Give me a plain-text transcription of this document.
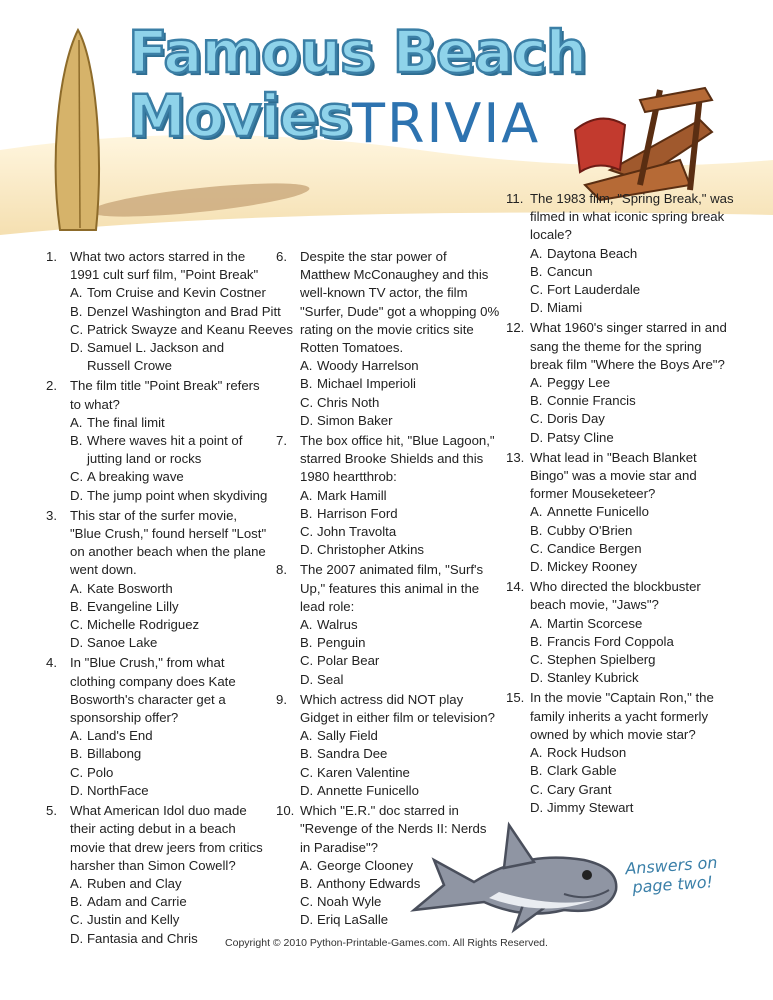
Famous Beach
Movies TRIVIA
1. What two actors starred in the 1991 cult surf film, "Point Break"
A. Tom Cruise and Kevin Costner
B. Denzel Washington and Brad Pitt
C. Patrick Swayze and Keanu Reeves
D. Samuel L. Jackson and Russell Crowe
2. The film title "Point Break" refers to what?
A. The final limit
B. Where waves hit a point of jutting land or rocks
C. A breaking wave
D. The jump point when skydiving
3. This star of the surfer movie, "Blue Crush," found herself "Lost" on another beach when the plane went down.
A. Kate Bosworth
B. Evangeline Lilly
C. Michelle Rodriguez
D. Sanoe Lake
4. In "Blue Crush," from what clothing company does Kate Bosworth's character get a sponsorship offer?
A. Land's End
B. Billabong
C. Polo
D. NorthFace
5. What American Idol duo made their acting debut in a beach movie that drew jeers from critics harsher than Simon Cowell?
A. Ruben and Clay
B. Adam and Carrie
C. Justin and Kelly
D. Fantasia and Chris
6. Despite the star power of Matthew McConaughey and this well-known TV actor, the film "Surfer, Dude" got a whopping 0% rating on the movie critics site Rotten Tomatoes.
A. Woody Harrelson
B. Michael Imperioli
C. Chris Noth
D. Simon Baker
7. The box office hit, "Blue Lagoon," starred Brooke Shields and this 1980 heartthrob:
A. Mark Hamill
B. Harrison Ford
C. John Travolta
D. Christopher Atkins
8. The 2007 animated film, "Surf's Up," features this animal in the lead role:
A. Walrus
B. Penguin
C. Polar Bear
D. Seal
9. Which actress did NOT play Gidget in either film or television?
A. Sally Field
B. Sandra Dee
C. Karen Valentine
D. Annette Funicello
10. Which "E.R." doc starred in "Revenge of the Nerds II: Nerds in Paradise"?
A. George Clooney
B. Anthony Edwards
C. Noah Wyle
D. Eriq LaSalle
11. The 1983 film, "Spring Break," was filmed in what iconic spring break locale?
A. Daytona Beach
B. Cancun
C. Fort Lauderdale
D. Miami
12. What 1960's singer starred in and sang the theme for the spring break film "Where the Boys Are"?
A. Peggy Lee
B. Connie Francis
C. Doris Day
D. Patsy Cline
13. What lead in "Beach Blanket Bingo" was a movie star and former Mouseketeer?
A. Annette Funicello
B. Cubby O'Brien
C. Candice Bergen
D. Mickey Rooney
14. Who directed the blockbuster beach movie, "Jaws"?
A. Martin Scorcese
B. Francis Ford Coppola
C. Stephen Spielberg
D. Stanley Kubrick
15. In the movie "Captain Ron," the family inherits a yacht formerly owned by which movie star?
A. Rock Hudson
B. Clark Gable
C. Cary Grant
D. Jimmy Stewart
Answers on page two!
Copyright © 2010 Python-Printable-Games.com. All Rights Reserved.
